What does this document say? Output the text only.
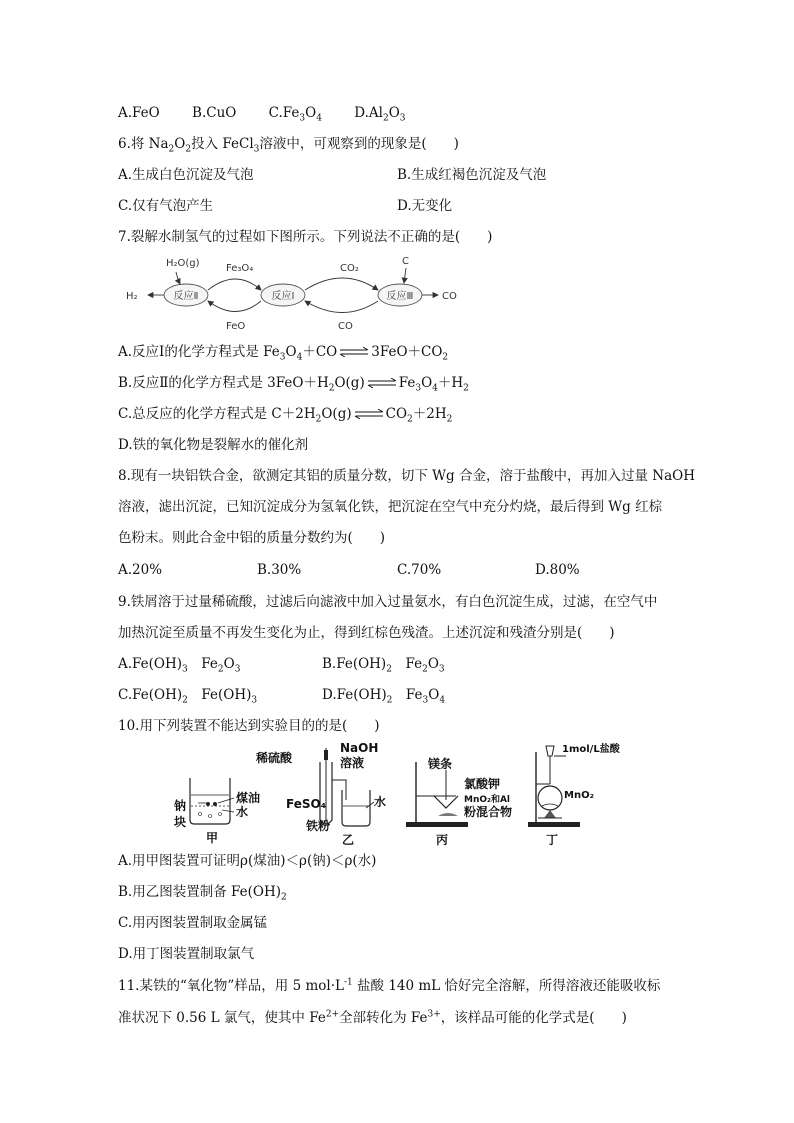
A.FeO B.CuO $C.Fe_3O_4$ $D.Al_2O_3$
6.将 $Na_2O_2$投入 FeCl$_3$溶液中，可观察到的现象是(　　)
A.生成白色沉淀及气泡	B.生成红褐色沉淀及气泡
C.仅有气泡产生	D.无变化
7.裂解水制氢气的过程如下图所示。下列说法不正确的是(　　)
反应Ⅱ	反应Ⅰ	反应Ⅲ
H₂O(g)	Fe₃O₄	CO₂
C
H₂	CO
FeO	CO
A.反应Ⅰ的化学方程式是 $Fe_3O_4+CO$ ⇌ $3FeO+CO_2$
B.反应Ⅱ的化学方程式是 $3FeO+H_2O(g)$ ⇌ $Fe_3O_4+H_2$
C.总反应的化学方程式是 $C+2H_2O(g)$ ⇌ $CO_2+2H_2$
D.铁的氧化物是裂解水的催化剂
8.现有一块铝铁合金，欲测定其铝的质量分数，切下 Wg 合金，溶于盐酸中，再加入过量 NaOH
溶液，滤出沉淀，已知沉淀成分为氢氧化铁，把沉淀在空气中充分灼烧，最后得到 Wg 红棕
色粉末。则此合金中铝的质量分数约为(　　)
A.20%	B.30%	C.70%	D.80%
9.铁屑溶于过量稀硫酸，过滤后向滤液中加入过量氨水，有白色沉淀生成，过滤，在空气中
加热沉淀至质量不再发生变化为止，得到红棕色残渣。上述沉淀和残渣分别是(　　)
$A.Fe(OH)_3$　$Fe_2O_3$	$B.Fe(OH)_2$　$Fe_2O_3$
$C.Fe(OH)_2$　$Fe(OH)_3$	$D.Fe(OH)_2$　$Fe_3O_4$
10.用下列装置不能达到实验目的的是(　　)
钠
块
煤油
水
甲
稀硫酸
NaOH
溶液
FeSO₄	水
铁粉
乙
镁条
氯酸钾
MnO₂和Al
粉混合物
丙
1mol/L盐酸
MnO₂
丁
A.用甲图装置可证明ρ(煤油)＜ρ(钠)＜ρ(水)
B.用乙图装置制备 $Fe(OH)_2$
C.用丙图装置制取金属锰
D.用丁图装置制取氯气
11.某铁的“氧化物”样品，用 5 $mol\cdot L^{-1}$ 盐酸 140 mL 恰好完全溶解，所得溶液还能吸收标
准状况下 0.56 L 氯气，使其中 $Fe^{2+}$全部转化为 $Fe^{3+}$，该样品可能的化学式是(　　)
